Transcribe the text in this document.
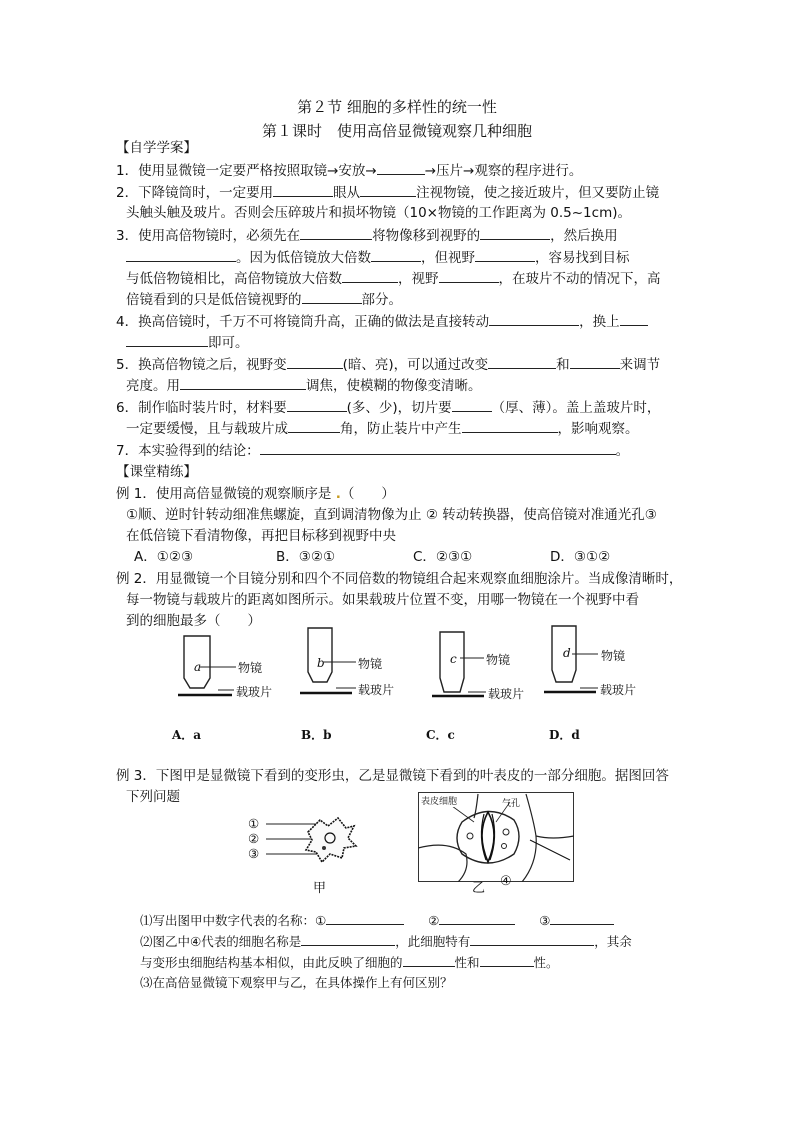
第２节 细胞的多样性的统一性
第１课时　使用高倍显微镜观察几种细胞
【自学学案】
1．使用显微镜一定要严格按照取镜→安放→	→压片→观察的程序进行。
2．下降镜筒时，一定要用	眼从	注视物镜，使之接近玻片，但又要防止镜
头触头触及玻片。否则会压碎玻片和损坏物镜（10×物镜的工作距离为 0.5~1cm)。
3．使用高倍物镜时，必须先在	将物像移到视野的	，然后换用
。因为低倍镜放大倍数	，但视野	，容易找到目标
与低倍物镜相比，高倍物镜放大倍数	，视野	，在玻片不动的情况下，高
倍镜看到的只是低倍镜视野的	部分。
4．换高倍镜时，千万不可将镜筒升高，正确的做法是直接转动	，换上
即可。
5．换高倍物镜之后，视野变	(暗、亮)，可以通过改变	和	来调节
亮度。用	调焦，使模糊的物像变清晰。
6．制作临时装片时，材料要	(多、少)，切片要	（厚、薄）。盖上盖玻片时，
一定要缓慢，且与载玻片成	角，防止装片中产生	，影响观察。
7．本实验得到的结论：	。
【课堂精练】
例 1．使用高倍显微镜的观察顺序是 .（　　）
①顺、逆时针转动细准焦螺旋，直到调清物像为止 ② 转动转换器，使高倍镜对准通光孔③
在低倍镜下看清物像，再把目标移到视野中央
A．①②③	B．③②①	C．②③①	D．③①②
例 2．用显微镜一个目镜分别和四个不同倍数的物镜组合起来观察血细胞涂片。当成像清晰时，
每一物镜与载玻片的距离如图所示。如果载玻片位置不变，用哪一物镜在一个视野中看
到的细胞最多（　　）
a	b	c	d
物镜	物镜	物镜	物镜
载玻片	载玻片	载玻片	载玻片
A．a	B．b	C．c	D．d
例 3．下图甲是显微镜下看到的变形虫，乙是显微镜下看到的叶表皮的一部分细胞。据图回答
下列问题
①
②
③
甲
表皮细胞	气孔
乙 ④
⑴写出图甲中数字代表的名称：①	②	③
⑵图乙中④代表的细胞名称是	，此细胞特有	，其余
与变形虫细胞结构基本相似，由此反映了细胞的	性和	性。
⑶在高倍显微镜下观察甲与乙，在具体操作上有何区别？
